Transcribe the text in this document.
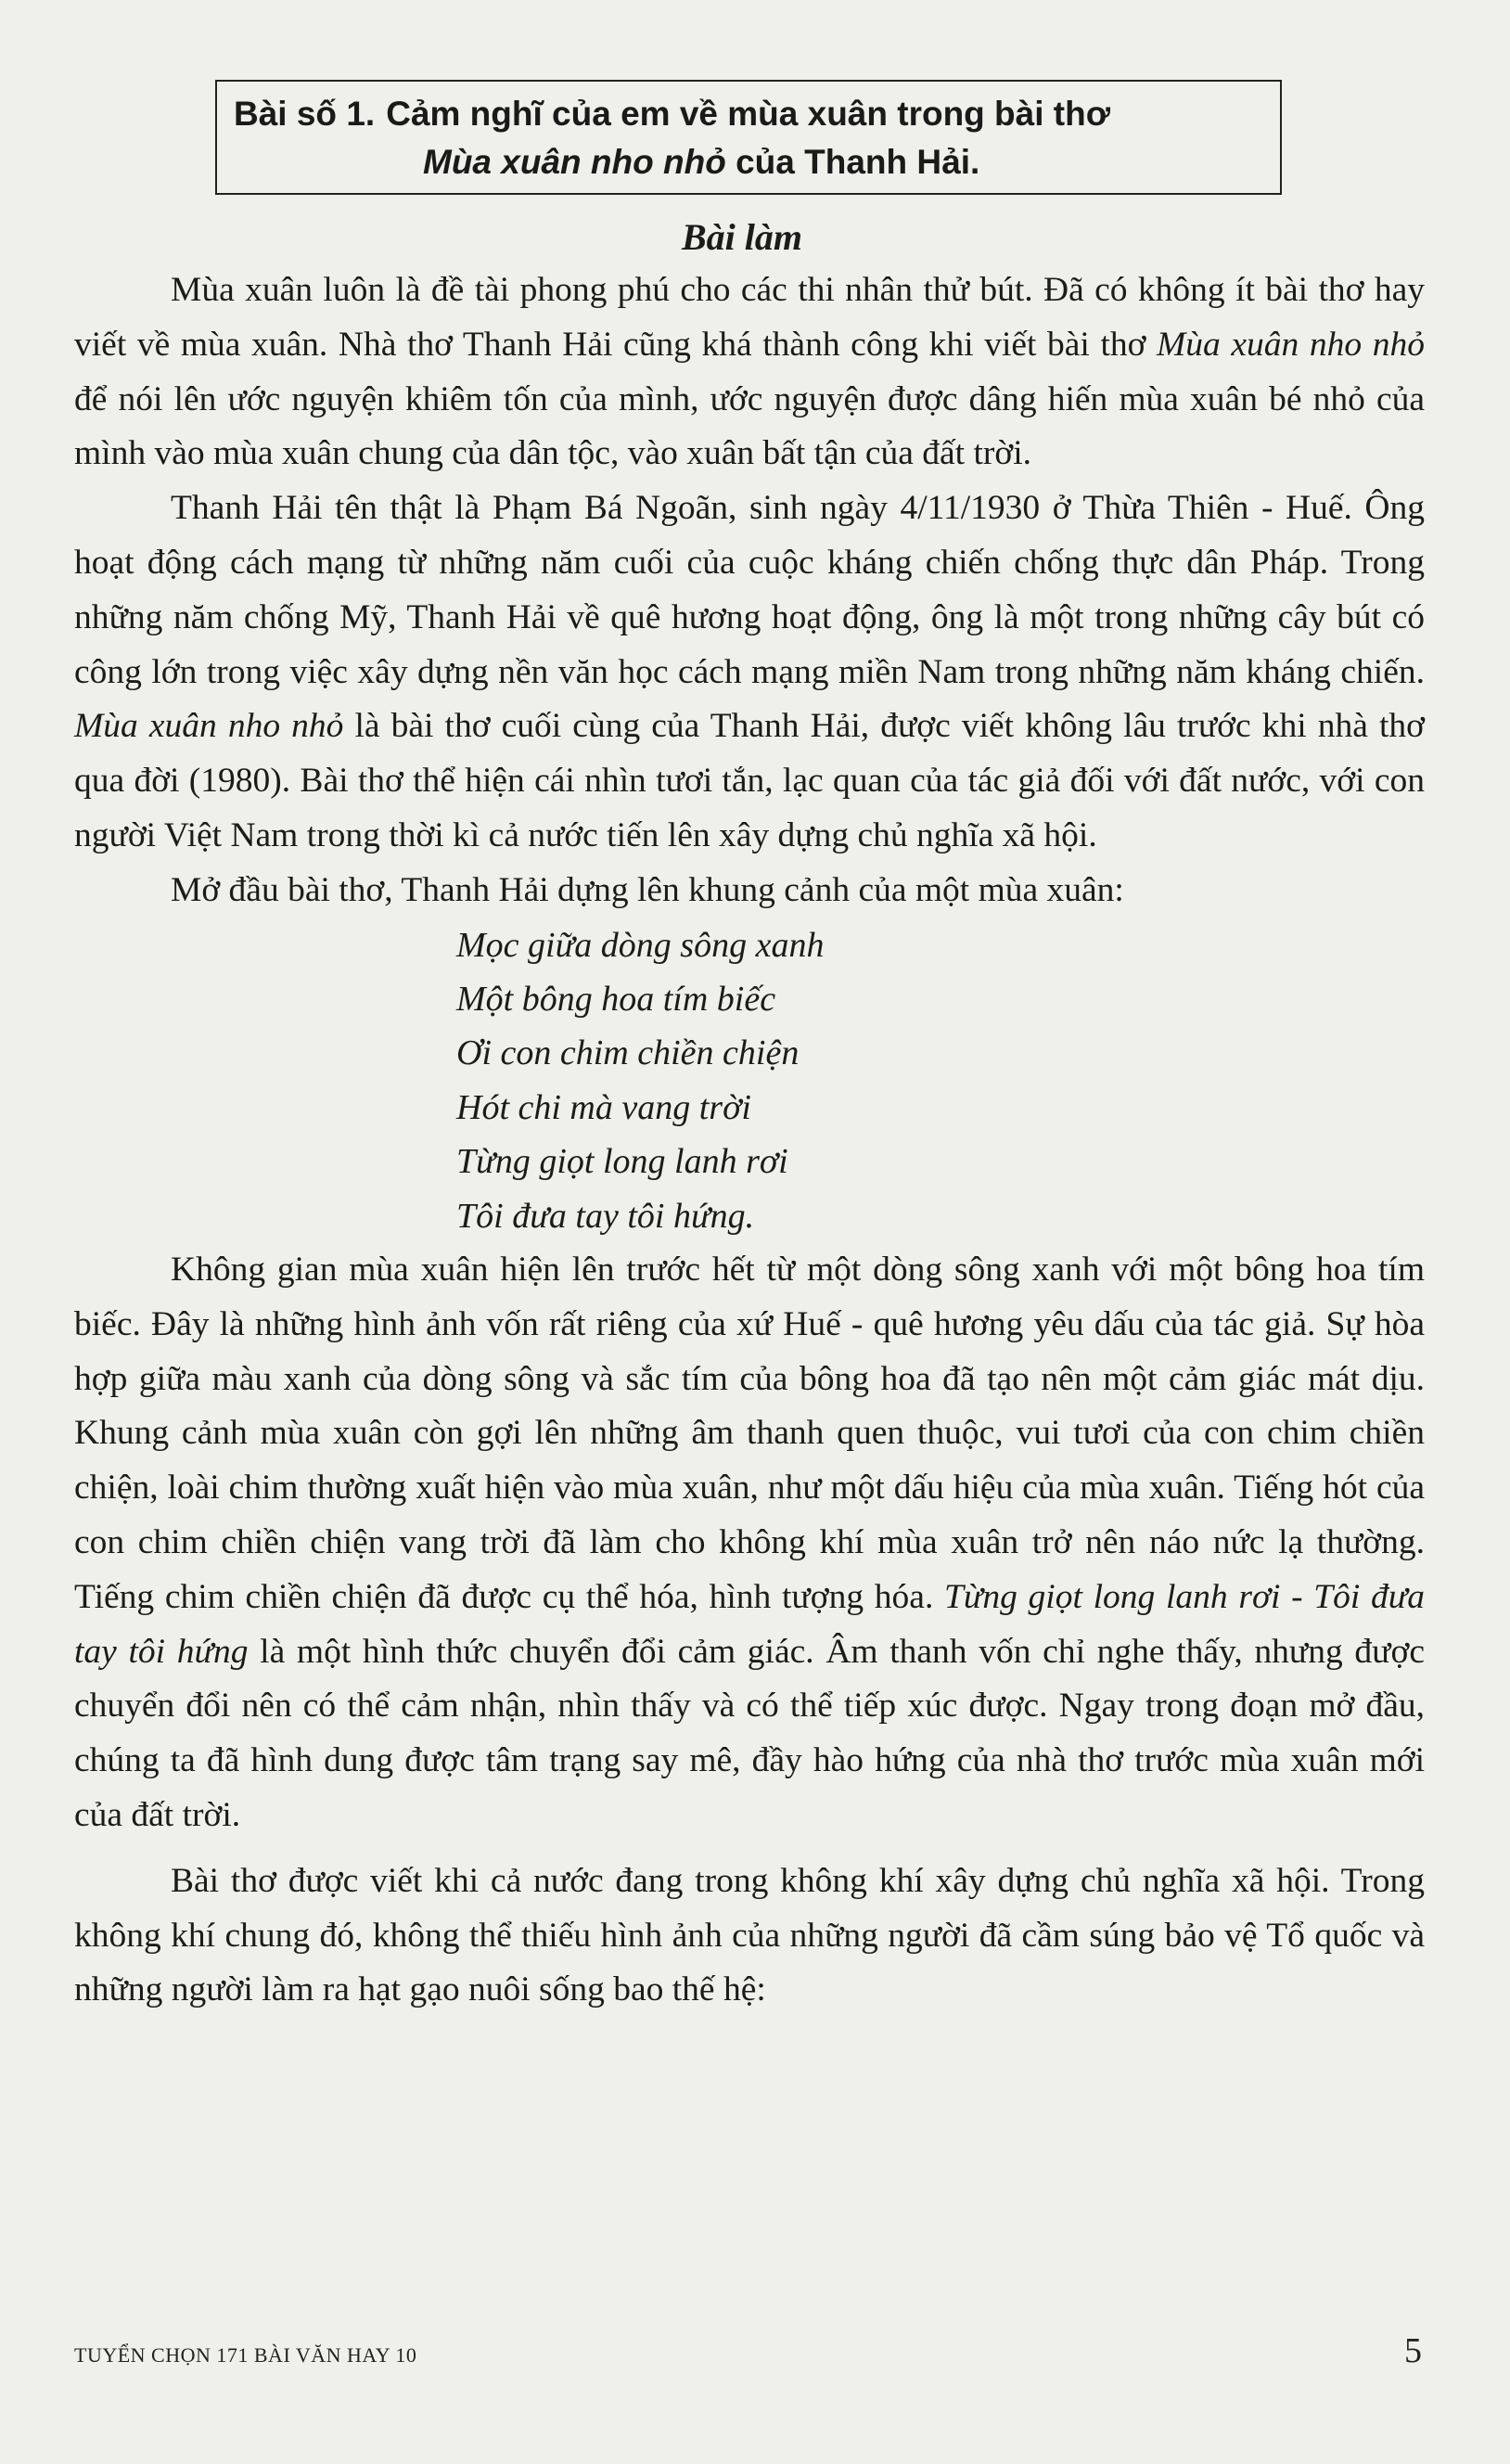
Bài số 1. Cảm nghĩ của em về mùa xuân trong bài thơ
Mùa xuân nho nhỏ của Thanh Hải.
Bài làm

Mùa xuân luôn là đề tài phong phú cho các thi nhân thử bút. Đã có không ít bài thơ hay viết về mùa xuân. Nhà thơ Thanh Hải cũng khá thành công khi viết bài thơ Mùa xuân nho nhỏ để nói lên ước nguyện khiêm tốn của mình, ước nguyện được dâng hiến mùa xuân bé nhỏ của mình vào mùa xuân chung của dân tộc, vào xuân bất tận của đất trời.

Thanh Hải tên thật là Phạm Bá Ngoãn, sinh ngày 4/11/1930 ở Thừa Thiên - Huế. Ông hoạt động cách mạng từ những năm cuối của cuộc kháng chiến chống thực dân Pháp. Trong những năm chống Mỹ, Thanh Hải về quê hương hoạt động, ông là một trong những cây bút có công lớn trong việc xây dựng nền văn học cách mạng miền Nam trong những năm kháng chiến. Mùa xuân nho nhỏ là bài thơ cuối cùng của Thanh Hải, được viết không lâu trước khi nhà thơ qua đời (1980). Bài thơ thể hiện cái nhìn tươi tắn, lạc quan của tác giả đối với đất nước, với con người Việt Nam trong thời kì cả nước tiến lên xây dựng chủ nghĩa xã hội.

Mở đầu bài thơ, Thanh Hải dựng lên khung cảnh của một mùa xuân:

Mọc giữa dòng sông xanh
Một bông hoa tím biếc
Ơi con chim chiền chiện
Hót chi mà vang trời
Từng giọt long lanh rơi
Tôi đưa tay tôi hứng.

Không gian mùa xuân hiện lên trước hết từ một dòng sông xanh với một bông hoa tím biếc. Đây là những hình ảnh vốn rất riêng của xứ Huế - quê hương yêu dấu của tác giả. Sự hòa hợp giữa màu xanh của dòng sông và sắc tím của bông hoa đã tạo nên một cảm giác mát dịu. Khung cảnh mùa xuân còn gợi lên những âm thanh quen thuộc, vui tươi của con chim chiền chiện, loài chim thường xuất hiện vào mùa xuân, như một dấu hiệu của mùa xuân. Tiếng hót của con chim chiền chiện vang trời đã làm cho không khí mùa xuân trở nên náo nức lạ thường. Tiếng chim chiền chiện đã được cụ thể hóa, hình tượng hóa. Từng giọt long lanh rơi - Tôi đưa tay tôi hứng là một hình thức chuyển đổi cảm giác. Âm thanh vốn chỉ nghe thấy, nhưng được chuyển đổi nên có thể cảm nhận, nhìn thấy và có thể tiếp xúc được. Ngay trong đoạn mở đầu, chúng ta đã hình dung được tâm trạng say mê, đầy hào hứng của nhà thơ trước mùa xuân mới của đất trời.

Bài thơ được viết khi cả nước đang trong không khí xây dựng chủ nghĩa xã hội. Trong không khí chung đó, không thể thiếu hình ảnh của những người đã cầm súng bảo vệ Tổ quốc và những người làm ra hạt gạo nuôi sống bao thế hệ:

TUYỂN CHỌN 171 BÀI VĂN HAY 10	5
